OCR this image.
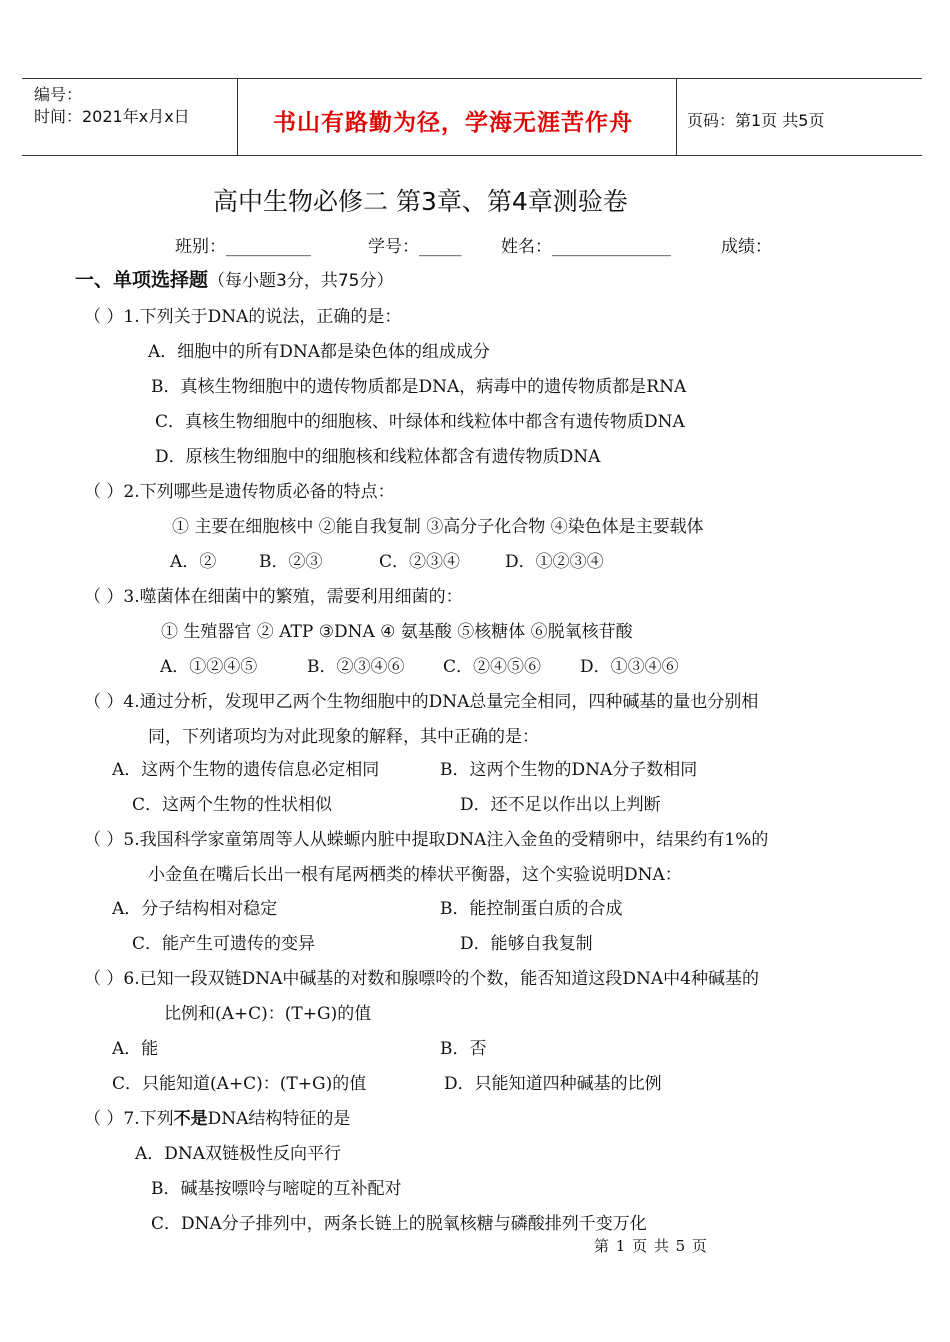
编号：
时间：2021年x月x日	书山有路勤为径，学海无涯苦作舟	页码：第1页 共5页
高中生物必修二 第3章、第4章测验卷
班别：__________	学号：_____ 姓名：______________	成绩：
一、单项选择题（每小题3分，共75分）
（ ）1.下列关于DNA的说法，正确的是：
A．细胞中的所有DNA都是染色体的组成成分
B．真核生物细胞中的遗传物质都是DNA，病毒中的遗传物质都是RNA
C．真核生物细胞中的细胞核、叶绿体和线粒体中都含有遗传物质DNA
D．原核生物细胞中的细胞核和线粒体都含有遗传物质DNA
（ ）2.下列哪些是遗传物质必备的特点：
① 主要在细胞核中 ②能自我复制 ③高分子化合物 ④染色体是主要载体
A．②	B．②③	C．②③④	D．①②③④
（ ）3.噬菌体在细菌中的繁殖，需要利用细菌的：
① 生殖器官 ② ATP ③DNA ④ 氨基酸 ⑤核糖体 ⑥脱氧核苷酸
A．①②④⑤	B．②③④⑥ C．②④⑤⑥ D．①③④⑥
（ ）4.通过分析，发现甲乙两个生物细胞中的DNA总量完全相同，四种碱基的量也分别相
同，下列诸项均为对此现象的解释，其中正确的是：
A．这两个生物的遗传信息必定相同	B．这两个生物的DNA分子数相同
C．这两个生物的性状相似	D．还不足以作出以上判断
（ ）5.我国科学家童第周等人从蝾螈内脏中提取DNA注入金鱼的受精卵中，结果约有1%的
小金鱼在嘴后长出一根有尾两栖类的棒状平衡器，这个实验说明DNA：
A．分子结构相对稳定	B．能控制蛋白质的合成
C．能产生可遗传的变异	D．能够自我复制
（ ）6.已知一段双链DNA中碱基的对数和腺嘌呤的个数，能否知道这段DNA中4种碱基的
比例和(A+C)：(T+G)的值
A．能	B．否
C．只能知道(A+C)：(T+G)的值	D．只能知道四种碱基的比例
（ ）7.下列不是DNA结构特征的是
A．DNA双链极性反向平行
B．碱基按嘌呤与嘧啶的互补配对
C．DNA分子排列中，两条长链上的脱氧核糖与磷酸排列千变万化
第 1 页 共 5 页
